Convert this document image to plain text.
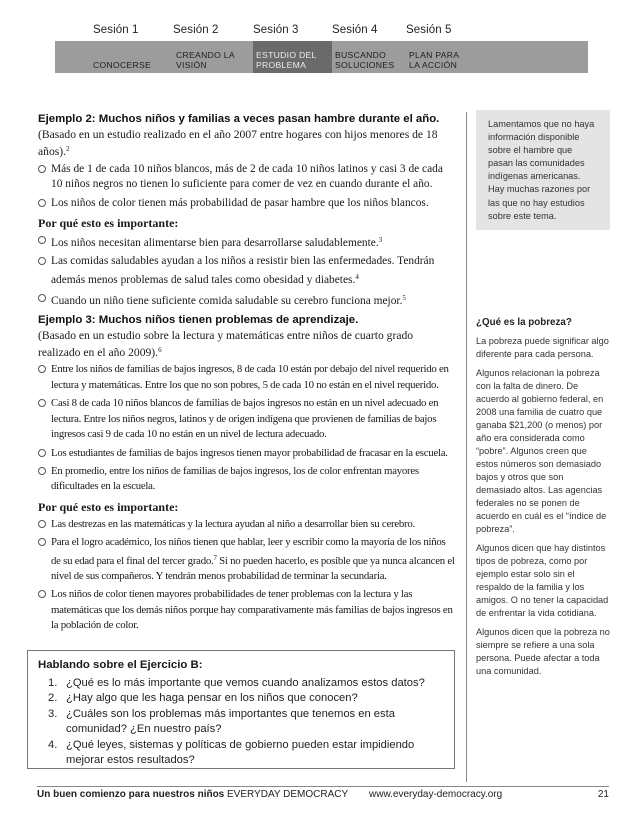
Sesión 1	Sesión 2	Sesión 3	Sesión 4 Sesión 5
CONOCERSE
CREANDO LA
VISIÓN
ESTUDIO DEL
PROBLEMA
BUSCANDO
SOLUCIONES
PLAN PARA
LA ACCIÓN
Ejemplo 2: Muchos niños y familias a veces pasan hambre durante el año.
(Basado en un estudio realizado en el año 2007 entre hogares con hijos menores de 18 años).$^2$
Más de 1 de cada 10 niños blancos, más de 2 de cada 10 niños latinos y casi 3 de cada 10 niños negros no tienen lo suficiente para comer de vez en cuando durante el año.
Los niños de color tienen más probabilidad de pasar hambre que los niños blancos.
Por qué esto es importante:
Los niños necesitan alimentarse bien para desarrollarse saludablemente.$^3$
Las comidas saludables ayudan a los niños a resistir bien las enfermedades. Tendrán además menos problemas de salud tales como obesidad y diabetes.$^4$
Cuando un niño tiene suficiente comida saludable su cerebro funciona mejor.$^5$
Ejemplo 3: Muchos niños tienen problemas de aprendizaje.
(Basado en un estudio sobre la lectura y matemáticas entre niños de cuarto grado realizado en el año 2009).$^6$
Entre los niños de familias de bajos ingresos, 8 de cada 10 están por debajo del nivel requerido en lectura y matemáticas. Entre los que no son pobres, 5 de cada 10 no están en el nivel requerido.
Casi 8 de cada 10 niños blancos de familias de bajos ingresos no están en un nivel adecuado en lectura. Entre los niños negros, latinos y de origen indígena que provienen de familias de bajos ingresos casi 9 de cada 10 no están en un nivel de lectura adecuado.
Los estudiantes de familias de bajos ingresos tienen mayor probabilidad de fracasar en la escuela.
En promedio, entre los niños de familias de bajos ingresos, los de color enfrentan mayores dificultades en la escuela.
Por qué esto es importante:
Las destrezas en las matemáticas y la lectura ayudan al niño a desarrollar bien su cerebro.
Para el logro académico, los niños tienen que hablar, leer y escribir como la mayoría de los niños de su edad para el final del tercer grado.$^7$ Si no pueden hacerlo, es posible que ya nunca alcancen el nivel de sus compañeros. Y tendrán menos probabilidad de terminar la secundaria.
Los niños de color tienen mayores probabilidades de tener problemas con la lectura y las matemáticas que los demás niños porque hay comparativamente más familias de bajos ingresos en la población de color.

Lamentamos que no haya información disponible sobre el hambre que pasan las comunidades indígenas americanas. Hay muchas razones por las que no hay estudios sobre este tema.

¿Qué es la pobreza?

La pobreza puede significar algo diferente para cada persona.

Algunos relacionan la pobreza con la falta de dinero. De acuerdo al gobierno federal, en 2008 una familia de cuatro que ganaba $21,200 (o menos) por año era considerada como “pobre”. Algunos creen que estos números son demasiado bajos y otros que son demasiado altos. Las agencias federales no se ponen de acuerdo en cuál es el “índice de pobreza”.

Algunos dicen que hay distintos tipos de pobreza, como por ejemplo estar solo sin el respaldo de la familia y los amigos. O no tener la capacidad de enfrentar la vida cotidiana.

Algunos dicen que la pobreza no siempre se refiere a una sola persona. Puede afectar a toda una comunidad.

Hablando sobre el Ejercicio B:
1. ¿Qué es lo más importante que vemos cuando analizamos estos datos?
2. ¿Hay algo que les haga pensar en los niños que conocen?
3. ¿Cuáles son los problemas más importantes que tenemos en esta comunidad? ¿En nuestro país?
4. ¿Qué leyes, sistemas y políticas de gobierno pueden estar impidiendo mejorar estos resultados?
Un buen comienzo para nuestros niños EVERYDAY DEMOCRACY www.everyday-democracy.org	21
